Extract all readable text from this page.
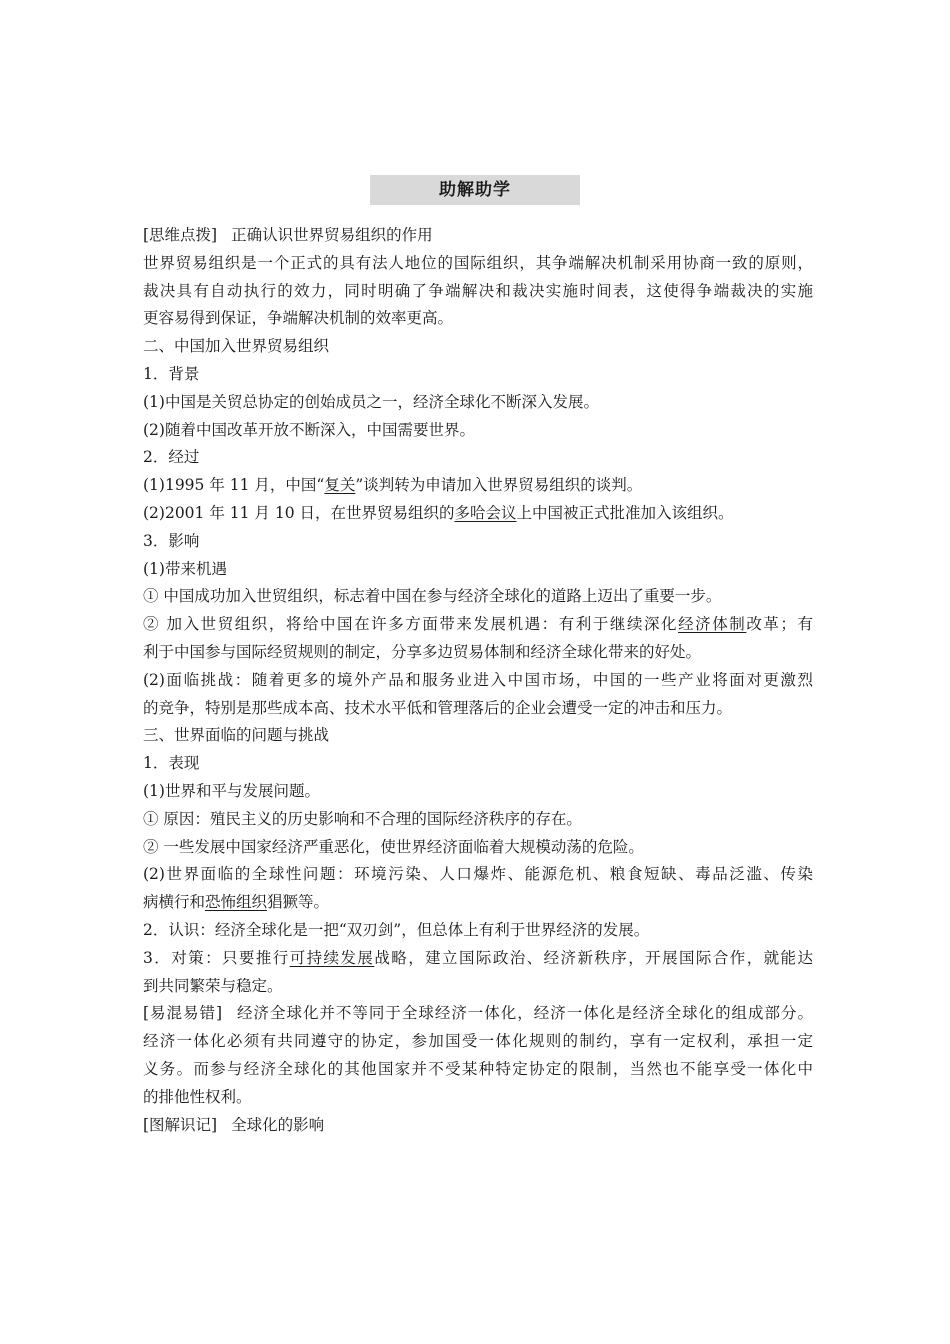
助解助学
[思维点拨] 正确认识世界贸易组织的作用
世界贸易组织是一个正式的具有法人地位的国际组织，其争端解决机制采用协商一致的原则，
裁决具有自动执行的效力，同时明确了争端解决和裁决实施时间表，这使得争端裁决的实施
更容易得到保证，争端解决机制的效率更高。
二、中国加入世界贸易组织
1．背景
(1)中国是关贸总协定的创始成员之一，经济全球化不断深入发展。
(2)随着中国改革开放不断深入，中国需要世界。
2．经过
(1)1995 年 11 月，中国“复关”谈判转为申请加入世界贸易组织的谈判。
(2)2001 年 11 月 10 日，在世界贸易组织的多哈会议上中国被正式批准加入该组织。
3．影响
(1)带来机遇
① 中国成功加入世贸组织，标志着中国在参与经济全球化的道路上迈出了重要一步。
② 加入世贸组织，将给中国在许多方面带来发展机遇：有利于继续深化经济体制改革；有
利于中国参与国际经贸规则的制定，分享多边贸易体制和经济全球化带来的好处。
(2)面临挑战：随着更多的境外产品和服务业进入中国市场，中国的一些产业将面对更激烈
的竞争，特别是那些成本高、技术水平低和管理落后的企业会遭受一定的冲击和压力。
三、世界面临的问题与挑战
1．表现
(1)世界和平与发展问题。
① 原因：殖民主义的历史影响和不合理的国际经济秩序的存在。
② 一些发展中国家经济严重恶化，使世界经济面临着大规模动荡的危险。
(2)世界面临的全球性问题：环境污染、人口爆炸、能源危机、粮食短缺、毒品泛滥、传染
病横行和恐怖组织猖獗等。
2．认识：经济全球化是一把“双刃剑”，但总体上有利于世界经济的发展。
3．对策：只要推行可持续发展战略，建立国际政治、经济新秩序，开展国际合作，就能达
到共同繁荣与稳定。
[易混易错] 经济全球化并不等同于全球经济一体化，经济一体化是经济全球化的组成部分。
经济一体化必须有共同遵守的协定，参加国受一体化规则的制约，享有一定权利，承担一定
义务。而参与经济全球化的其他国家并不受某种特定协定的限制，当然也不能享受一体化中
的排他性权利。
[图解识记] 全球化的影响
